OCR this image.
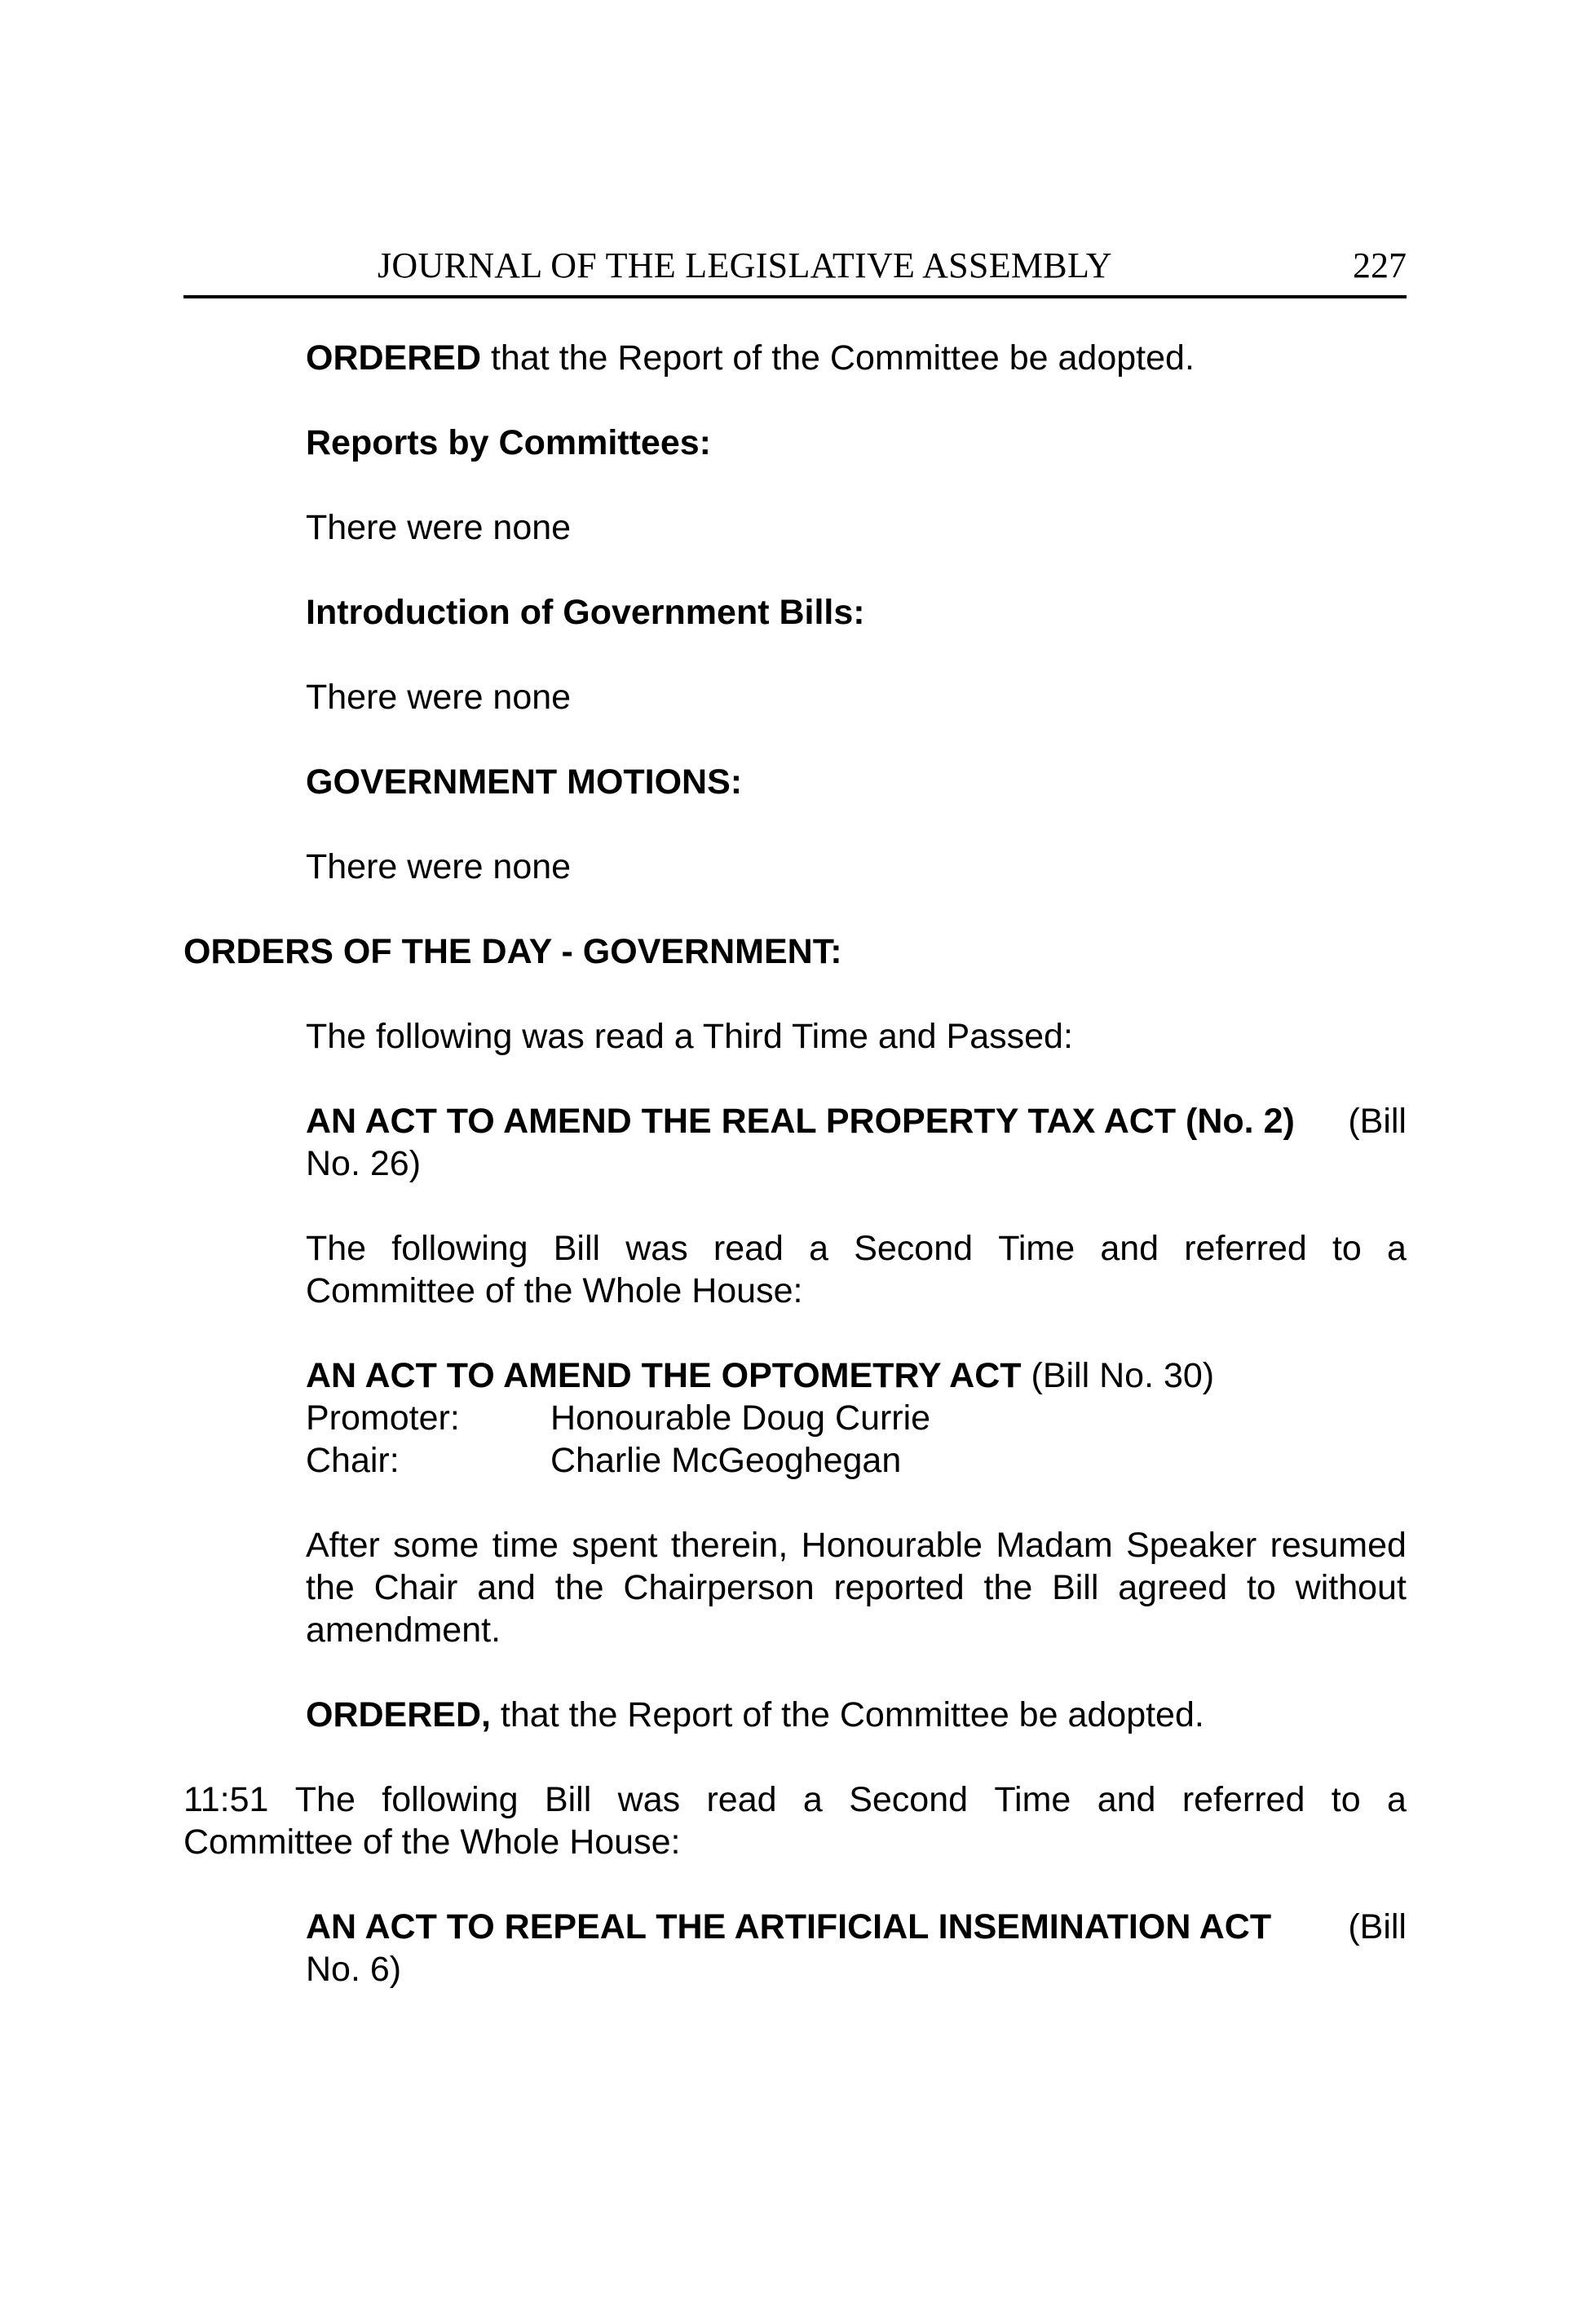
JOURNAL OF THE LEGISLATIVE ASSEMBLY	227
ORDERED that the Report of the Committee be adopted.
Reports by Committees:
There were none
Introduction of Government Bills:
There were none
GOVERNMENT MOTIONS:
There were none
ORDERS OF THE DAY - GOVERNMENT:
The following was read a Third Time and Passed:
AN ACT TO AMEND THE REAL PROPERTY TAX ACT (No. 2) (Bill
No. 26)
The following Bill was read a Second Time and referred to a
Committee of the Whole House:
AN ACT TO AMEND THE OPTOMETRY ACT (Bill No. 30)
Promoter:	Honourable Doug Currie
Chair:	Charlie McGeoghegan
After some time spent therein, Honourable Madam Speaker resumed
the Chair and the Chairperson reported the Bill agreed to without
amendment.
ORDERED, that the Report of the Committee be adopted.
11:51 The following Bill was read a Second Time and referred to a
Committee of the Whole House:
AN ACT TO REPEAL THE ARTIFICIAL INSEMINATION ACT (Bill
No. 6)
